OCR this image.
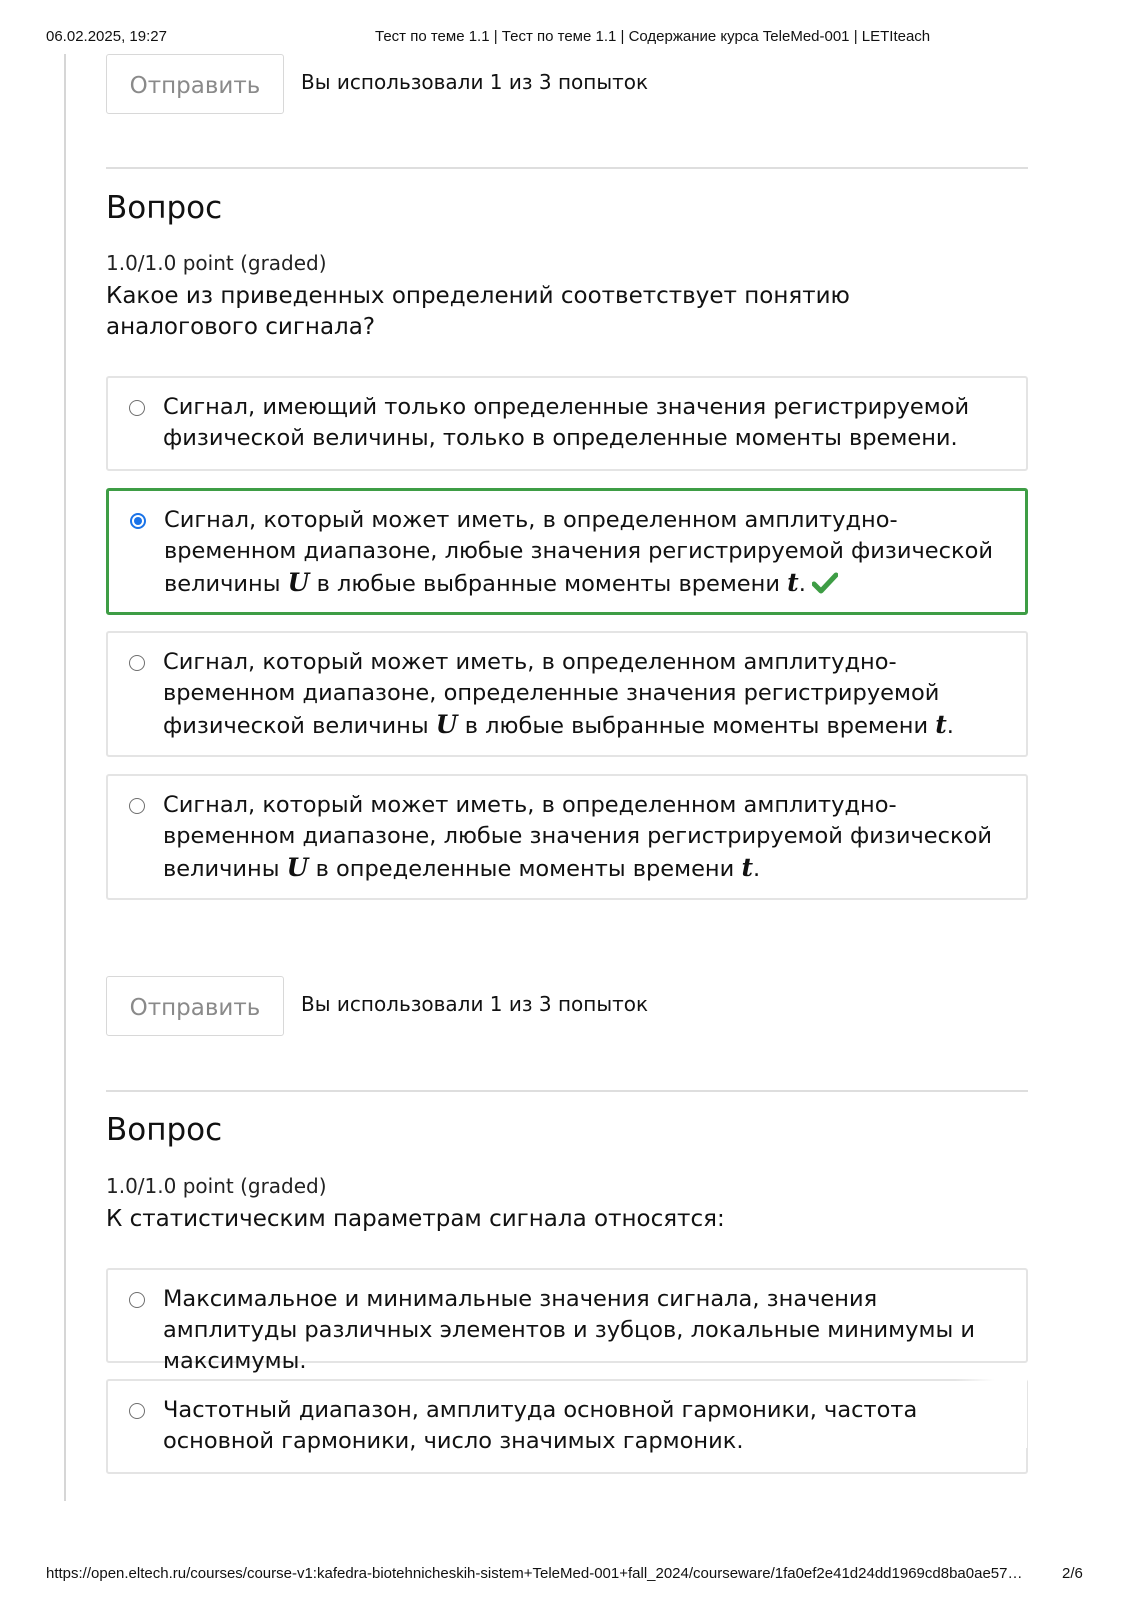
06.02.2025, 19:27	Тест по теме 1.1 | Тест по теме 1.1 | Содержание курса TeleMed-001 | LETIteach
Отправить	Вы использовали 1 из 3 попыток
Вопрос
1.0/1.0 point (graded)
Какое из приведенных определений соответствует понятию аналогового сигнала?
Сигнал, имеющий только определенные значения регистрируемой физической величины, только в определенные моменты времени.
Сигнал, который может иметь, в определенном амплитудно-временном диапазоне, любые значения регистрируемой физической величины U в любые выбранные моменты времени t.
Сигнал, который может иметь, в определенном амплитудно-временном диапазоне, определенные значения регистрируемой физической величины U в любые выбранные моменты времени t.
Сигнал, который может иметь, в определенном амплитудно-временном диапазоне, любые значения регистрируемой физической величины U в определенные моменты времени t.
Отправить	Вы использовали 1 из 3 попыток
Вопрос
1.0/1.0 point (graded)
К статистическим параметрам сигнала относятся:
Максимальное и минимальные значения сигнала, значения амплитуды различных элементов и зубцов, локальные минимумы и максимумы.
Частотный диапазон, амплитуда основной гармоники, частота основной гармоники, число значимых гармоник.
https://open.eltech.ru/courses/course-v1:kafedra-biotehnicheskih-sistem+TeleMed-001+fall_2024/courseware/1fa0ef2e41d24dd1969cd8ba0ae57…	2/6
